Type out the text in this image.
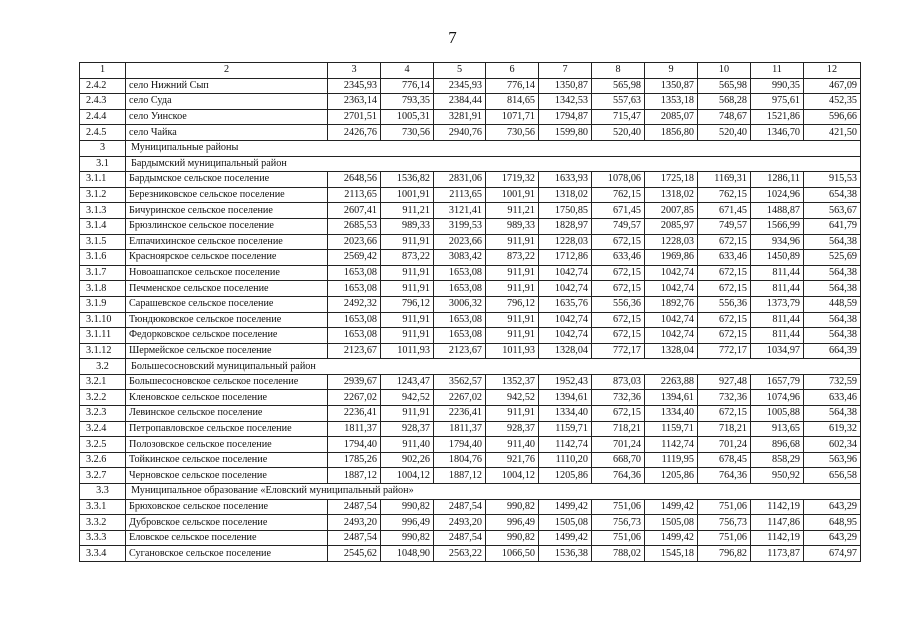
7
1	2	3	4	5	6	7	8	9	10	11	12
2.4.2	село Нижний Сып	2345,93	776,14	2345,93	776,14	1350,87	565,98	1350,87	565,98	990,35	467,09
2.4.3	село Суда	2363,14	793,35	2384,44	814,65	1342,53	557,63	1353,18	568,28	975,61	452,35
2.4.4	село Уинское	2701,51	1005,31	3281,91	1071,71	1794,87	715,47	2085,07	748,67	1521,86	596,66
2.4.5	село Чайка	2426,76	730,56	2940,76	730,56	1599,80	520,40	1856,80	520,40	1346,70	421,50
3	Муниципальные районы										
3.1	Бардымский муниципальный район										
3.1.1	Бардымское сельское поселение	2648,56	1536,82	2831,06	1719,32	1633,93	1078,06	1725,18	1169,31	1286,11	915,53
3.1.2	Березниковское сельское поселение	2113,65	1001,91	2113,65	1001,91	1318,02	762,15	1318,02	762,15	1024,96	654,38
3.1.3	Бичуринское сельское поселение	2607,41	911,21	3121,41	911,21	1750,85	671,45	2007,85	671,45	1488,87	563,67
3.1.4	Брюзлинское сельское поселение	2685,53	989,33	3199,53	989,33	1828,97	749,57	2085,97	749,57	1566,99	641,79
3.1.5	Елпачихинское сельское поселение	2023,66	911,91	2023,66	911,91	1228,03	672,15	1228,03	672,15	934,96	564,38
3.1.6	Красноярское сельское поселение	2569,42	873,22	3083,42	873,22	1712,86	633,46	1969,86	633,46	1450,89	525,69
3.1.7	Новоашапское сельское поселение	1653,08	911,91	1653,08	911,91	1042,74	672,15	1042,74	672,15	811,44	564,38
3.1.8	Печменское сельское поселение	1653,08	911,91	1653,08	911,91	1042,74	672,15	1042,74	672,15	811,44	564,38
3.1.9	Сарашевское сельское поселение	2492,32	796,12	3006,32	796,12	1635,76	556,36	1892,76	556,36	1373,79	448,59
3.1.10	Тюндюковское сельское поселение	1653,08	911,91	1653,08	911,91	1042,74	672,15	1042,74	672,15	811,44	564,38
3.1.11	Федорковское сельское поселение	1653,08	911,91	1653,08	911,91	1042,74	672,15	1042,74	672,15	811,44	564,38
3.1.12	Шермейское сельское поселение	2123,67	1011,93	2123,67	1011,93	1328,04	772,17	1328,04	772,17	1034,97	664,39
3.2	Большесосновский муниципальный район										
3.2.1	Большесосновское сельское поселение	2939,67	1243,47	3562,57	1352,37	1952,43	873,03	2263,88	927,48	1657,79	732,59
3.2.2	Кленовское сельское поселение	2267,02	942,52	2267,02	942,52	1394,61	732,36	1394,61	732,36	1074,96	633,46
3.2.3	Левинское сельское поселение	2236,41	911,91	2236,41	911,91	1334,40	672,15	1334,40	672,15	1005,88	564,38
3.2.4	Петропавловское сельское поселение	1811,37	928,37	1811,37	928,37	1159,71	718,21	1159,71	718,21	913,65	619,32
3.2.5	Полозовское сельское поселение	1794,40	911,40	1794,40	911,40	1142,74	701,24	1142,74	701,24	896,68	602,34
3.2.6	Тойкинское сельское поселение	1785,26	902,26	1804,76	921,76	1110,20	668,70	1119,95	678,45	858,29	563,96
3.2.7	Черновское сельское поселение	1887,12	1004,12	1887,12	1004,12	1205,86	764,36	1205,86	764,36	950,92	656,58
3.3	Муниципальное образование «Еловский муниципальный район»										
3.3.1	Брюховское сельское поселение	2487,54	990,82	2487,54	990,82	1499,42	751,06	1499,42	751,06	1142,19	643,29
3.3.2	Дубровское сельское поселение	2493,20	996,49	2493,20	996,49	1505,08	756,73	1505,08	756,73	1147,86	648,95
3.3.3	Еловское сельское поселение	2487,54	990,82	2487,54	990,82	1499,42	751,06	1499,42	751,06	1142,19	643,29
3.3.4	Сугановское сельское поселение	2545,62	1048,90	2563,22	1066,50	1536,38	788,02	1545,18	796,82	1173,87	674,97
